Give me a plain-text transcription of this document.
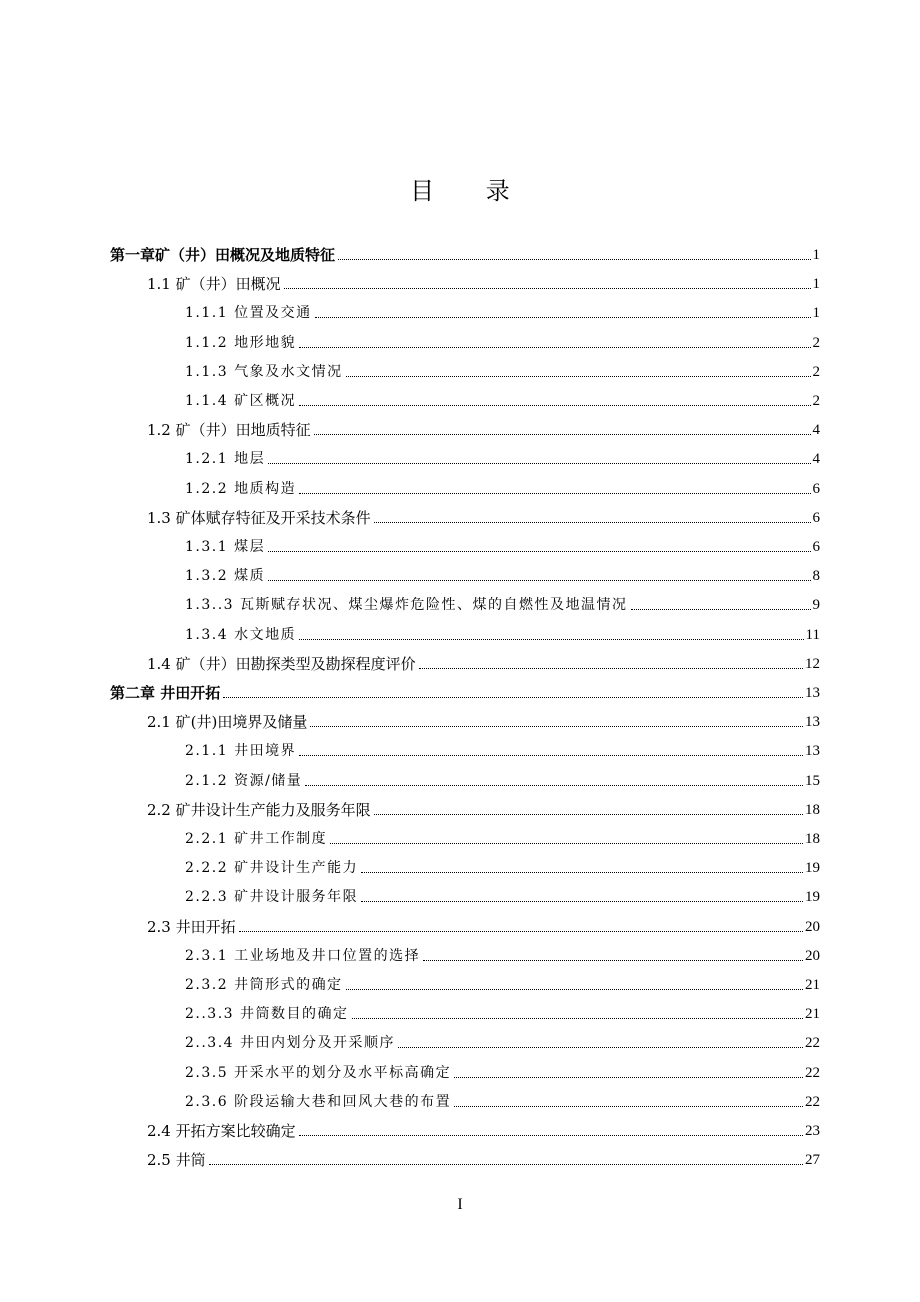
目 录
第一章矿（井）田概况及地质特征	1
1.1 矿（井）田概况	1
1.1.1 位置及交通	1
1.1.2 地形地貌	2
1.1.3 气象及水文情况	2
1.1.4 矿区概况	2
1.2 矿（井）田地质特征	4
1.2.1 地层	4
1.2.2 地质构造	6
1.3 矿体赋存特征及开采技术条件	6
1.3.1 煤层	6
1.3.2 煤质	8
1.3..3 瓦斯赋存状况、煤尘爆炸危险性、煤的自燃性及地温情况	9
1.3.4 水文地质	11
1.4 矿（井）田勘探类型及勘探程度评价	12
第二章 井田开拓	13
2.1 矿(井)田境界及储量	13
2.1.1 井田境界	13
2.1.2 资源/储量	15
2.2 矿井设计生产能力及服务年限	18
2.2.1 矿井工作制度	18
2.2.2 矿井设计生产能力	19
2.2.3 矿井设计服务年限	19
2.3 井田开拓	20
2.3.1 工业场地及井口位置的选择	20
2.3.2 井筒形式的确定	21
2..3.3 井筒数目的确定	21
2..3.4 井田内划分及开采顺序	22
2.3.5 开采水平的划分及水平标高确定	22
2.3.6 阶段运输大巷和回风大巷的布置	22
2.4 开拓方案比较确定	23
2.5 井筒	27
I
